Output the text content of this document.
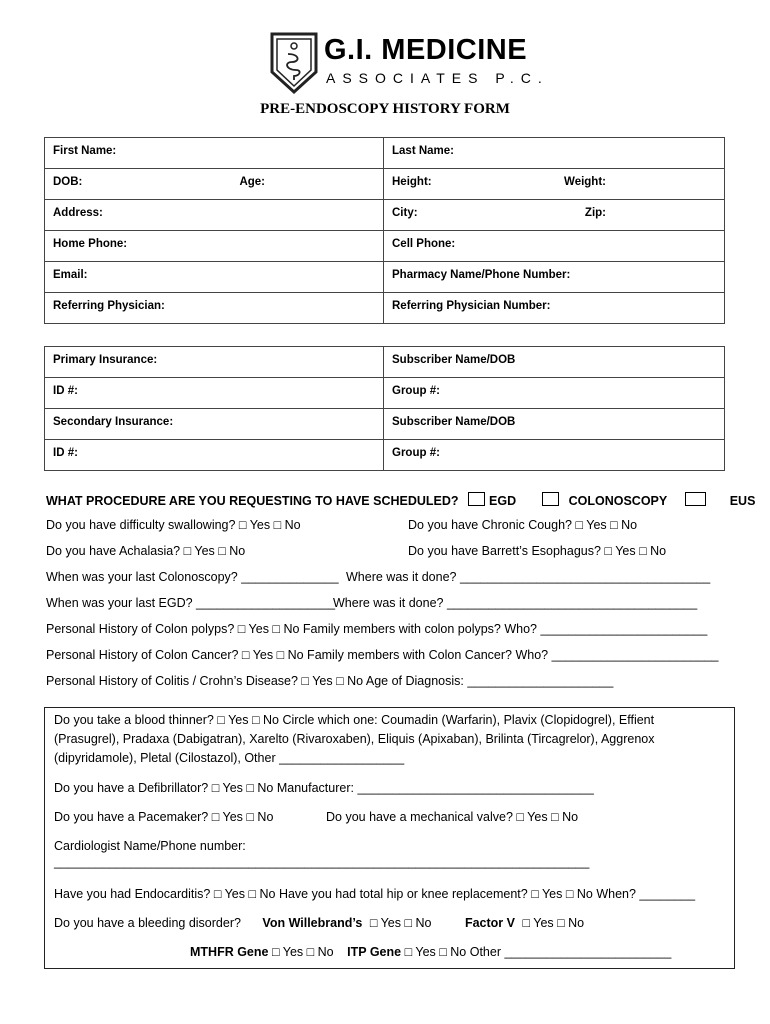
G.I. MEDICINE
ASSOCIATES P.C.
PRE-ENDOSCOPY HISTORY FORM
First Name:	Last Name:

DOB: Age:	Height: Weight:

Address:	City: Zip:

Home Phone:	Cell Phone:

Email:	Pharmacy Name/Phone Number:

Referring Physician:	Referring Physician Number:
Primary Insurance:	Subscriber Name/DOB

ID #:	Group #:

Secondary Insurance:	Subscriber Name/DOB

ID #:	Group #:
WHAT PROCEDURE ARE YOU REQUESTING TO HAVE SCHEDULED? EGD	COLONOSCOPY	EUS
Do you have difficulty swallowing? □ Yes □ No	Do you have Chronic Cough? □ Yes □ No
Do you have Achalasia? □ Yes □ No	Do you have Barrett’s Esophagus? □ Yes □ No
When was your last Colonoscopy? ______________ Where was it done? ____________________________________
When was your last EGD? ____________________
Where was it done? ____________________________________
Personal History of Colon polyps? □ Yes □ No Family members with colon polyps? Who? ________________________
Personal History of Colon Cancer? □ Yes □ No Family members with Colon Cancer? Who? ________________________
Personal History of Colitis / Crohn’s Disease? □ Yes □ No Age of Diagnosis: _____________________
Do you take a blood thinner? □ Yes □ No Circle which one: Coumadin (Warfarin), Plavix (Clopidogrel), Effient
(Prasugrel), Pradaxa (Dabigatran), Xarelto (Rivaroxaben), Eliquis (Apixaban), Brilinta (Tircagrelor), Aggrenox
(dipyridamole), Pletal (Cilostazol), Other __________________
Do you have a Defibrillator? □ Yes □ No Manufacturer: __________________________________
Do you have a Pacemaker? □ Yes □ No	Do you have a mechanical valve? □ Yes □ No
Cardiologist Name/Phone number:
_____________________________________________________________________________
Have you had Endocarditis? □ Yes □ No Have you had total hip or knee replacement? □ Yes □ No When? ________
Do you have a bleeding disorder? Von Willebrand’s □ Yes □ No	Factor V □ Yes □ No
MTHFR Gene □ Yes □ No ITP Gene □ Yes □ No Other ________________________
